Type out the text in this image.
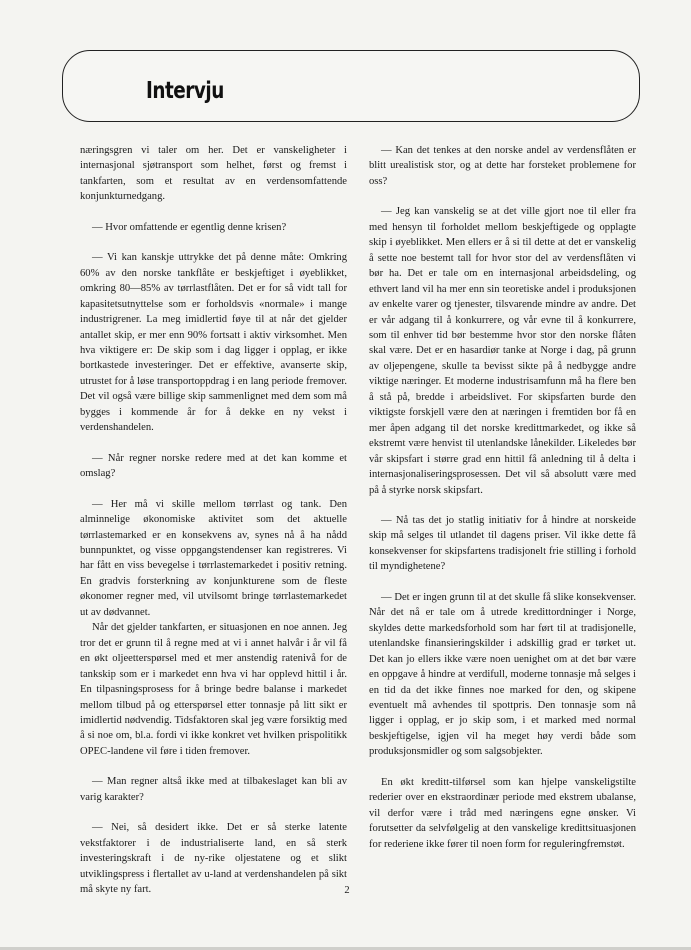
Intervju

næringsgren vi taler om her. Det er vanskeligheter i internasjonal sjøtransport som helhet, først og fremst i tankfarten, som et resultat av en verdensomfattende konjunkturnedgang.

— Hvor omfattende er egentlig denne krisen?

— Vi kan kanskje uttrykke det på denne måte: Omkring 60% av den norske tankflåte er beskjeftiget i øyeblikket, omkring 80—85% av tørrlastflåten. Det er for så vidt tall for kapasitetsutnyttelse som er forholdsvis «normale» i mange industrigrener. La meg imidlertid føye til at når det gjelder antallet skip, er mer enn 90% fortsatt i aktiv virksomhet. Men hva viktigere er: De skip som i dag ligger i opplag, er ikke bortkastede investeringer. Det er effektive, avanserte skip, utrustet for å løse transportoppdrag i en lang periode fremover. Det vil også være billige skip sammenlignet med dem som må bygges i kommende år for å dekke en ny vekst i verdenshandelen.

— Når regner norske redere med at det kan komme et omslag?

— Her må vi skille mellom tørrlast og tank. Den alminnelige økonomiske aktivitet som det aktuelle tørrlastemarked er en konsekvens av, synes nå å ha nådd bunnpunktet, og visse oppgangstendenser kan registreres. Vi har fått en viss bevegelse i tørrlastemarkedet i positiv retning. En gradvis forsterkning av konjunkturene som de fleste økonomer regner med, vil utvilsomt bringe tørrlastemarkedet ut av dødvannet.

Når det gjelder tankfarten, er situasjonen en noe annen. Jeg tror det er grunn til å regne med at vi i annet halvår i år vil få en økt oljeetterspørsel med et mer anstendig ratenivå for de tankskip som er i markedet enn hva vi har opplevd hittil i år. En tilpasningsprosess for å bringe bedre balanse i markedet mellom tilbud på og etterspørsel etter tonnasje på litt sikt er imidlertid nødvendig. Tidsfaktoren skal jeg være forsiktig med å si noe om, bl.a. fordi vi ikke konkret vet hvilken prispolitikk OPEC-landene vil føre i tiden fremover.

— Man regner altså ikke med at tilbakeslaget kan bli av varig karakter?

— Nei, så desidert ikke. Det er så sterke latente vekstfaktorer i de industrialiserte land, en så sterk investeringskraft i de ny-rike oljestatene og et slikt utviklingspress i flertallet av u-land at verdenshandelen på sikt må skyte ny fart.

— Kan det tenkes at den norske andel av verdensflåten er blitt urealistisk stor, og at dette har forsteket problemene for oss?

— Jeg kan vanskelig se at det ville gjort noe til eller fra med hensyn til forholdet mellom beskjeftigede og opplagte skip i øyeblikket. Men ellers er å si til dette at det er vanskelig å sette noe bestemt tall for hvor stor del av verdensflåten vi bør ha. Det er tale om en internasjonal arbeidsdeling, og ethvert land vil ha mer enn sin teoretiske andel i produksjonen av enkelte varer og tjenester, tilsvarende mindre av andre. Det er vår adgang til å konkurrere, og vår evne til å konkurrere, som til enhver tid bør bestemme hvor stor den norske flåten skal være. Det er en hasardiør tanke at Norge i dag, på grunn av oljepengene, skulle ta bevisst sikte på å nedbygge andre viktige næringer. Et moderne industrisamfunn må ha flere ben å stå på, bredde i arbeidslivet. For skipsfarten burde den viktigste forskjell være den at næringen i fremtiden bor få en mer åpen adgang til det norske kredittmarkedet, og ikke så ekstremt være henvist til utenlandske lånekilder. Likeledes bør vår skipsfart i større grad enn hittil få anledning til å delta i internasjonaliseringsprosessen. Det vil så absolutt være med på å styrke norsk skipsfart.

— Nå tas det jo statlig initiativ for å hindre at norskeide skip må selges til utlandet til dagens priser. Vil ikke dette få konsekvenser for skipsfartens tradisjonelt frie stilling i forhold til myndighetene?

— Det er ingen grunn til at det skulle få slike konsekvenser. Når det nå er tale om å utrede kredittordninger i Norge, skyldes dette markedsforhold som har ført til at tradisjonelle, utenlandske finansieringskilder i adskillig grad er tørket ut. Det kan jo ellers ikke være noen uenighet om at det bør være en oppgave å hindre at verdifull, moderne tonnasje må selges i en tid da det ikke finnes noe marked for den, og skipene eventuelt må avhendes til spottpris. Den tonnasje som nå ligger i opplag, er jo skip som, i et marked med normal beskjeftigelse, igjen vil ha meget høy verdi både som produksjonsmidler og som salgsobjekter.

En økt kreditt-tilførsel som kan hjelpe vanskeligstilte rederier over en ekstraordinær periode med ekstrem ubalanse, vil derfor være i tråd med næringens egne ønsker. Vi forutsetter da selvfølgelig at den vanskelige kredittsituasjonen for rederiene ikke fører til noen form for reguleringfremstøt.

2
